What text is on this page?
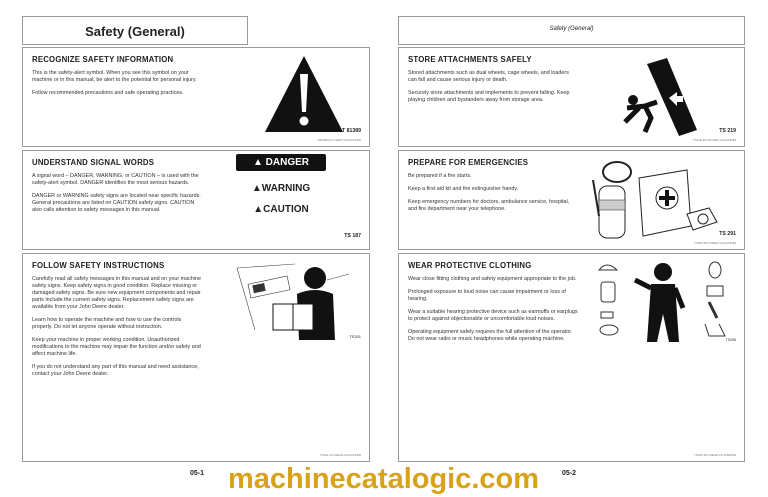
Safety (General)
RECOGNIZE SAFETY INFORMATION

This is the safety-alert symbol. When you see this symbol on your machine or in this manual, be alert to the potential for personal injury.

Follow recommended precautions and safe operating practices.

T 81389
T81389-DX-ALERT-19-04JUN90
UNDERSTAND SIGNAL WORDS

A signal word – DANGER, WARNING, or CAUTION – is used with the safety-alert symbol. DANGER identifies the most serious hazards.

DANGER or WARNING safety signs are located near specific hazards. General precautions are listed on CAUTION safety signs. CAUTION also calls attention to safety messages in this manual.

▲ DANGER
▲WARNING
▲CAUTION
TS 187
FOLLOW SAFETY INSTRUCTIONS

Carefully read all safety messages in this manual and on your machine safety signs. Keep safety signs in good condition. Replace missing or damaged safety signs. Be sure new equipment components and repair parts include the current safety signs. Replacement safety signs are available from your John Deere dealer.

Learn how to operate the machine and how to use the controls properly. Do not let anyone operate without instruction.

Keep your machine in proper working condition. Unauthorized modifications to the machine may impair the function and/or safety and affect machine life.

If you do not understand any part of this manual and need assistance, contact your John Deere dealer.

TS201
TS201-DX-READ-19-04JUN90
05-1
Safety (General)
STORE ATTACHMENTS SAFELY

Stored attachments such as dual wheels, cage wheels, and loaders can fall and cause serious injury or death.

Securely store attachments and implements to prevent falling. Keep playing children and bystanders away from storage area.

TS 219
TS219-DX-STORE-19-04JUN90
PREPARE FOR EMERGENCIES

Be prepared if a fire starts.

Keep a first aid kit and fire extinguisher handy.

Keep emergency numbers for doctors, ambulance service, hospital, and fire department near your telephone.

TS 291
TS291-DX-FIRED-19-04JUN90
WEAR PROTECTIVE CLOTHING

Wear close fitting clothing and safety equipment appropriate to the job.

Prolonged exposure to loud noise can cause impairment or loss of hearing.

Wear a suitable hearing protective device such as earmuffs or earplugs to protect against objectionable or uncomfortable loud noises.

Operating equipment safely requires the full attention of the operator. Do not wear radio or music headphones while operating machine.	TS206
TS206-DX-WEAR-19-10SEP90
05-2
machinecatalogic.com
